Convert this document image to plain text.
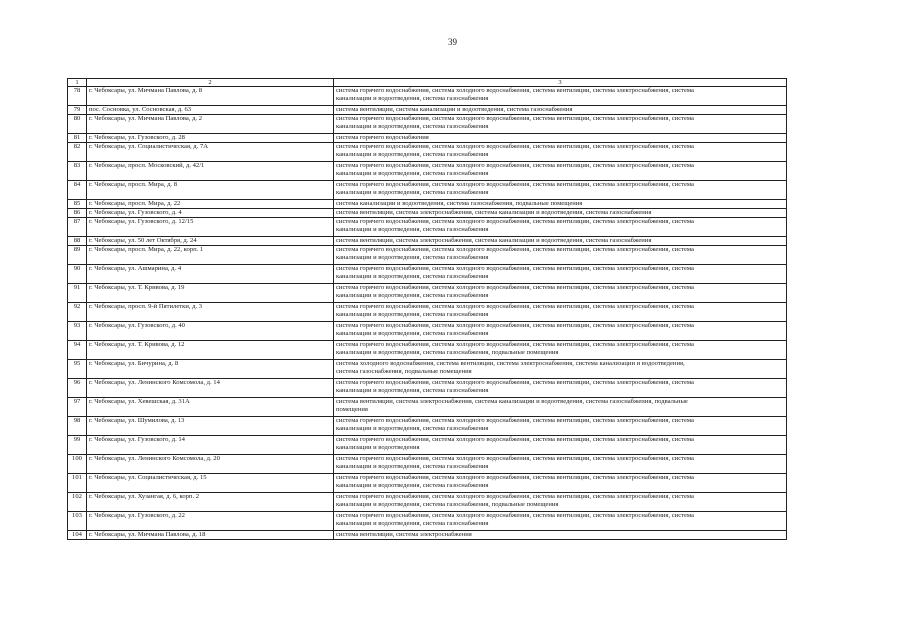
39
1	2	3
78	г. Чебоксары, ул. Мичмана Павлова, д. 8	система горячего водоснабжения, система холодного водоснабжения, система вентиляции, система электроснабжения, система
канализации и водоотведения, система газоснабжения

79	пос. Сосновка, ул. Сосновская, д. 63	система вентиляции, система канализации и водоотведения, система газоснабжения

80	г. Чебоксары, ул. Мичмана Павлова, д. 2	система горячего водоснабжения, система холодного водоснабжения, система вентиляции, система электроснабжения, система
канализации и водоотведения, система газоснабжения

81	г. Чебоксары, ул. Гузовского, д. 28	система горячего водоснабжения

82	г. Чебоксары, ул. Социалистическая, д. 7А	система горячего водоснабжения, система холодного водоснабжения, система вентиляции, система электроснабжения, система
канализации и водоотведения, система газоснабжения

83	г. Чебоксары, просп. Московский, д. 42/1	система горячего водоснабжения, система холодного водоснабжения, система вентиляции, система электроснабжения, система
канализации и водоотведения, система газоснабжения

84	г. Чебоксары, просп. Мира, д. 8	система горячего водоснабжения, система холодного водоснабжения, система вентиляции, система электроснабжения, система
канализации и водоотведения, система газоснабжения

85	г. Чебоксары, просп. Мира, д. 22	система канализации и водоотведения, система газоснабжения, подвальные помещения

86	г. Чебоксары, ул. Гузовского, д. 4	система вентиляции, система электроснабжения, система канализации и водоотведения, система газоснабжения

87	г. Чебоксары, ул. Гузовского, д. 12/15	система горячего водоснабжения, система холодного водоснабжения, система вентиляции, система электроснабжения, система
канализации и водоотведения, система газоснабжения

88	г. Чебоксары, ул. 50 лет Октября, д. 24	система вентиляции, система электроснабжения, система канализации и водоотведения, система газоснабжения

89	г. Чебоксары, просп. Мира, д. 22, корп. 1	система горячего водоснабжения, система холодного водоснабжения, система вентиляции, система электроснабжения, система
канализации и водоотведения, система газоснабжения

90	г. Чебоксары, ул. Ашмарина, д. 4	система горячего водоснабжения, система холодного водоснабжения, система вентиляции, система электроснабжения, система
канализации и водоотведения, система газоснабжения

91	г. Чебоксары, ул. Т. Кривова, д. 19	система горячего водоснабжения, система холодного водоснабжения, система вентиляции, система электроснабжения, система
канализации и водоотведения, система газоснабжения

92	г. Чебоксары, просп. 9-й Пятилетки, д. 3	система горячего водоснабжения, система холодного водоснабжения, система вентиляции, система электроснабжения, система
канализации и водоотведения, система газоснабжения

93	г. Чебоксары, ул. Гузовского, д. 40	система горячего водоснабжения, система холодного водоснабжения, система вентиляции, система электроснабжения, система
канализации и водоотведения, система газоснабжения

94	г. Чебоксары, ул. Т. Кривова, д. 12	система горячего водоснабжения, система холодного водоснабжения, система вентиляции, система электроснабжения, система
канализации и водоотведения, система газоснабжения, подвальные помещения

95	г. Чебоксары, ул. Бичурина, д. 8	система холодного водоснабжения, система вентиляции, система электроснабжения, система канализации и водоотведения,
система газоснабжения, подвальные помещения

96	г. Чебоксары, ул. Ленинского Комсомола, д. 14	система горячего водоснабжения, система холодного водоснабжения, система вентиляции, система электроснабжения, система
канализации и водоотведения, система газоснабжения

97	г. Чебоксары, ул. Хевешская, д. 31А	система вентиляции, система электроснабжения, система канализации и водоотведения, система газоснабжения, подвальные
помещения

98	г. Чебоксары, ул. Шумилова, д. 13	система горячего водоснабжения, система холодного водоснабжения, система вентиляции, система электроснабжения, система
канализации и водоотведения, система газоснабжения

99	г. Чебоксары, ул. Гузовского, д. 14	система горячего водоснабжения, система холодного водоснабжения, система вентиляции, система электроснабжения, система
канализации и водоотведения

100	г. Чебоксары, ул. Ленинского Комсомола, д. 20	система горячего водоснабжения, система холодного водоснабжения, система вентиляции, система электроснабжения, система
канализации и водоотведения, система газоснабжения

101	г. Чебоксары, ул. Социалистическая, д. 15	система горячего водоснабжения, система холодного водоснабжения, система вентиляции, система электроснабжения, система
канализации и водоотведения, система газоснабжения

102	г. Чебоксары, ул. Хузангая, д. 6, корп. 2	система горячего водоснабжения, система холодного водоснабжения, система вентиляции, система электроснабжения, система
канализации и водоотведения, система газоснабжения, подвальные помещения

103	г. Чебоксары, ул. Гузовского, д. 22	система горячего водоснабжения, система холодного водоснабжения, система вентиляции, система электроснабжения, система
канализации и водоотведения, система газоснабжения

104	г. Чебоксары, ул. Мичмана Павлова, д. 18	система вентиляции, система электроснабжения
